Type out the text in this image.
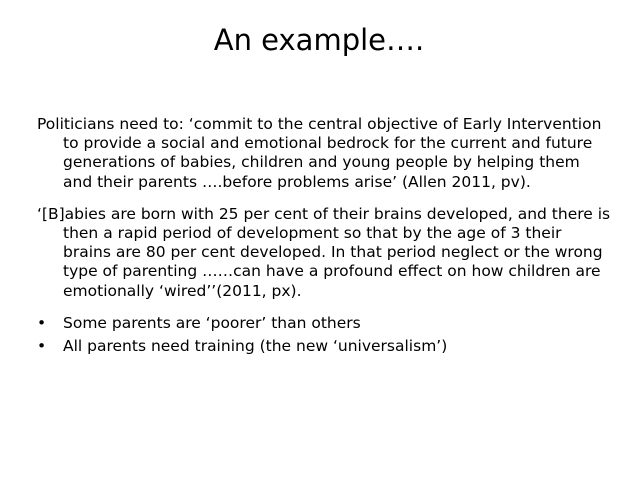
An example….

Politicians need to: ‘commit to the central objective of Early Intervention to provide a social and emotional bedrock for the current and future generations of babies, children and young people by helping them and their parents ….before problems arise’ (Allen 2011, pv).

‘[B]abies are born with 25 per cent of their brains developed, and there is then a rapid period of development so that by the age of 3 their brains are 80 per cent developed. In that period neglect or the wrong type of parenting ……can have a profound effect on how children are emotionally ‘wired’’(2011, px).

• Some parents are ‘poorer’ than others
• All parents need training (the new ‘universalism’)
